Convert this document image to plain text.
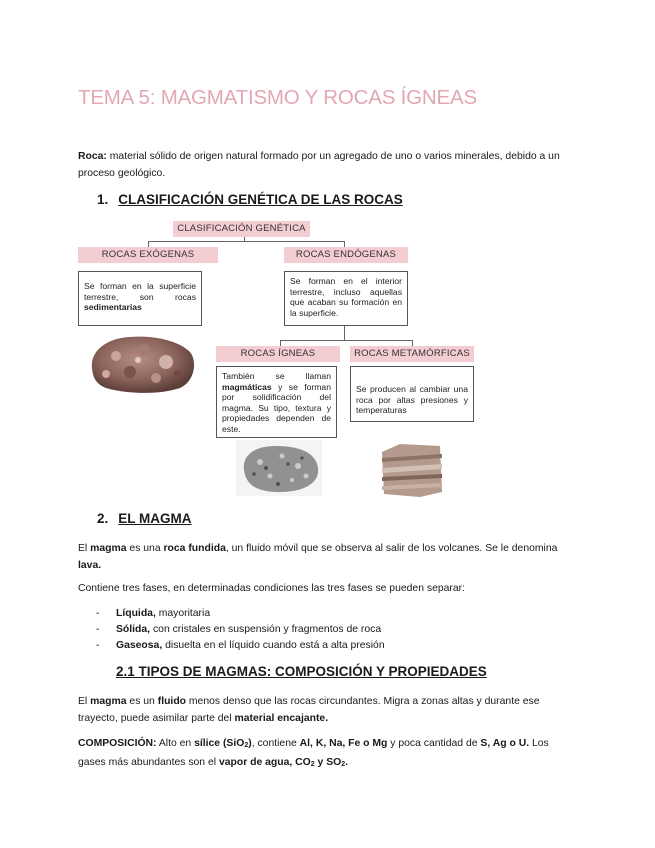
TEMA 5: MAGMATISMO Y ROCAS ÍGNEAS
Roca: material sólido de origen natural formado por un agregado de uno o varios minerales, debido a un
proceso geológico.
1. CLASIFICACIÓN GENÉTICA DE LAS ROCAS
CLASIFICACIÓN GENÉTICA
ROCAS EXÓGENAS	ROCAS ENDÓGENAS
Se forman en la superficie terrestre, son rocas sedimentarias
Se forman en el interior terrestre, incluso aquellas que acaban su formación en la superficie.
ROCAS ÍGNEAS	ROCAS METAMÓRFICAS
También se llaman magmáticas y se forman por solidificación del magma. Su tipo, textura y propiedades dependen de este.
Se producen al cambiar una roca por altas presiones y temperaturas
2. EL MAGMA
El magma es una roca fundida, un fluido móvil que se observa al salir de los volcanes. Se le denomina
lava.
Contiene tres fases, en determinadas condiciones las tres fases se pueden separar:
- Líquida, mayoritaria
- Sólida, con cristales en suspensión y fragmentos de roca
- Gaseosa, disuelta en el líquido cuando está a alta presión
2.1 TIPOS DE MAGMAS: COMPOSICIÓN Y PROPIEDADES
El magma es un fluido menos denso que las rocas circundantes. Migra a zonas altas y durante ese
trayecto, puede asimilar parte del material encajante.
COMPOSICIÓN: Alto en sílice (SiO$_2$), contiene Al, K, Na, Fe o Mg y poca cantidad de S, Ag o U. Los
gases más abundantes son el vapor de agua, $CO_2$ y $SO_2$.
